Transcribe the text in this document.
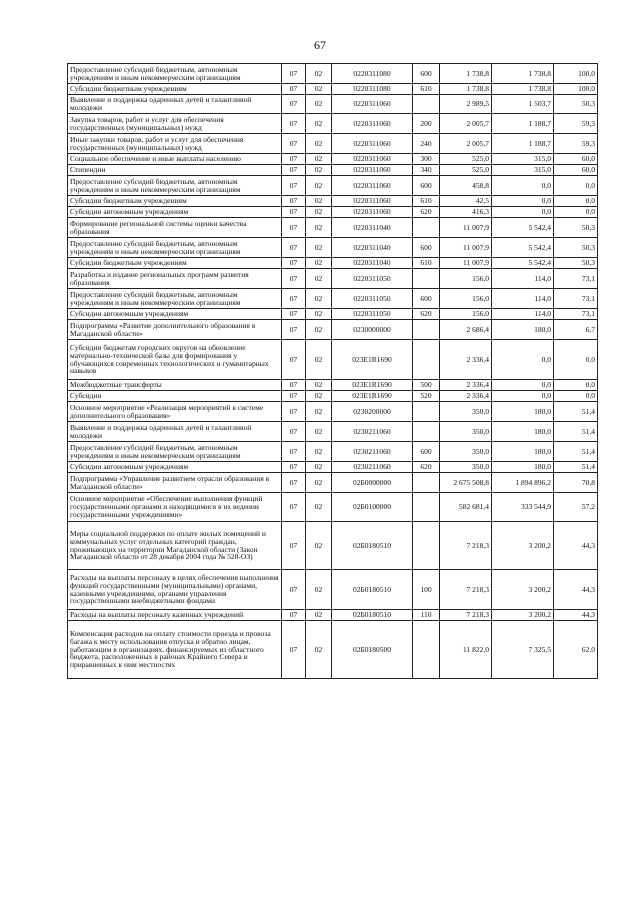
67
Предоставление субсидий бюджетным, автономным учреждениям и иным некоммерческим организациям	07	02	0220311080	600	1 738,8	1 738,8	100,0
Субсидии бюджетным учреждениям	07	02	0220311080	610	1 738,8	1 738,8	100,0
Выявление и поддержка одаренных детей и талантливой молодежи	07	02	0220311060		2 989,5	1 503,7	50,3
Закупка товаров, работ и услуг для обеспечения государственных (муниципальных) нужд	07	02	0220311060	200	2 005,7	1 188,7	59,3
Иные закупки товаров, работ и услуг для обеспечения государственных (муниципальных) нужд	07	02	0220311060	240	2 005,7	1 188,7	59,3
Социальное обеспечение и иные выплаты населению	07	02	0220311060	300	525,0	315,0	60,0
Стипендии	07	02	0220311060	340	525,0	315,0	60,0
Предоставление субсидий бюджетным, автономным учреждениям и иным некоммерческим организациям	07	02	0220311060	600	458,8	0,0	0,0
Субсидии бюджетным учреждениям	07	02	0220311060	610	42,5	0,0	0,0
Субсидии автономным учреждениям	07	02	0220311060	620	416,3	0,0	0,0
Формирование региональной системы оценки качества образования	07	02	0220311040		11 007,9	5 542,4	50,3
Предоставление субсидий бюджетным, автономным учреждениям и иным некоммерческим организациям	07	02	0220311040	600	11 007,9	5 542,4	50,3
Субсидии бюджетным учреждениям	07	02	0220311040	610	11 007,9	5 542,4	50,3
Разработка и издание региональных программ развития образования	07	02	0220311050		156,0	114,0	73,1
Предоставление субсидий бюджетным, автономным учреждениям и иным некоммерческим организациям	07	02	0220311050	600	156,0	114,0	73,1
Субсидии автономным учреждениям	07	02	0220311050	620	156,0	114,0	73,1
Подпрограмма «Развитие дополнительного образования в Магаданской области»	07	02	0230000000		2 686,4	180,0	6,7
Субсидии бюджетам городских округов на обновление материально-технической базы для формирования у обучающихся современных технологических и гуманитарных навыков	07	02	023E1R1690		2 336,4	0,0	0,0
Межбюджетные трансферты	07	02	023E1R1690	500	2 336,4	0,0	0,0
Субсидии	07	02	023E1R1690	520	2 336,4	0,0	0,0
Основное мероприятие «Реализация мероприятий в системе дополнительного образования»	07	02	0230200000		350,0	180,0	51,4
Выявление и поддержка одаренных детей и талантливой молодежи	07	02	0230211060		350,0	180,0	51,4
Предоставление субсидий бюджетным, автономным учреждениям и иным некоммерческим организациям	07	02	0230211060	600	350,0	180,0	51,4
Субсидии автономным учреждениям	07	02	0230211060	620	350,0	180,0	51,4
Подпрограмма «Управление развитием отрасли образования в Магаданской области»	07	02	02Б0000000		2 675 508,8	1 894 896,2	70,8
Основное мероприятие «Обеспечение выполнения функций государственными органами и находящимися в их ведении государственными учреждениями»	07	02	02Б0100000		582 681,4	333 544,9	57,2
Меры социальной поддержки по оплате жилых помещений и коммунальных услуг отдельных категорий граждан, проживающих на территории Магаданской области (Закон Магаданской области от 28 декабря 2004 года № 528-ОЗ)	07	02	02Б0180510		7 218,3	3 200,2	44,3
Расходы на выплаты персоналу в целях обеспечения выполнения функций государственными (муниципальными) органами, казенными учреждениями, органами управления государственными внебюджетными фондами	07	02	02Б0180510	100	7 218,3	3 200,2	44,3
Расходы на выплаты персоналу казенных учреждений	07	02	02Б0180510	110	7 218,3	3 200,2	44,3
Компенсация расходов на оплату стоимости проезда и провоза багажа к месту использования отпуска и обратно лицам, работающим в организациях, финансируемых из областного бюджета, расположенных в районах Крайнего Севера и приравненных к ним местностях	07	02	02Б0180500		11 822,0	7 325,5	62,0
